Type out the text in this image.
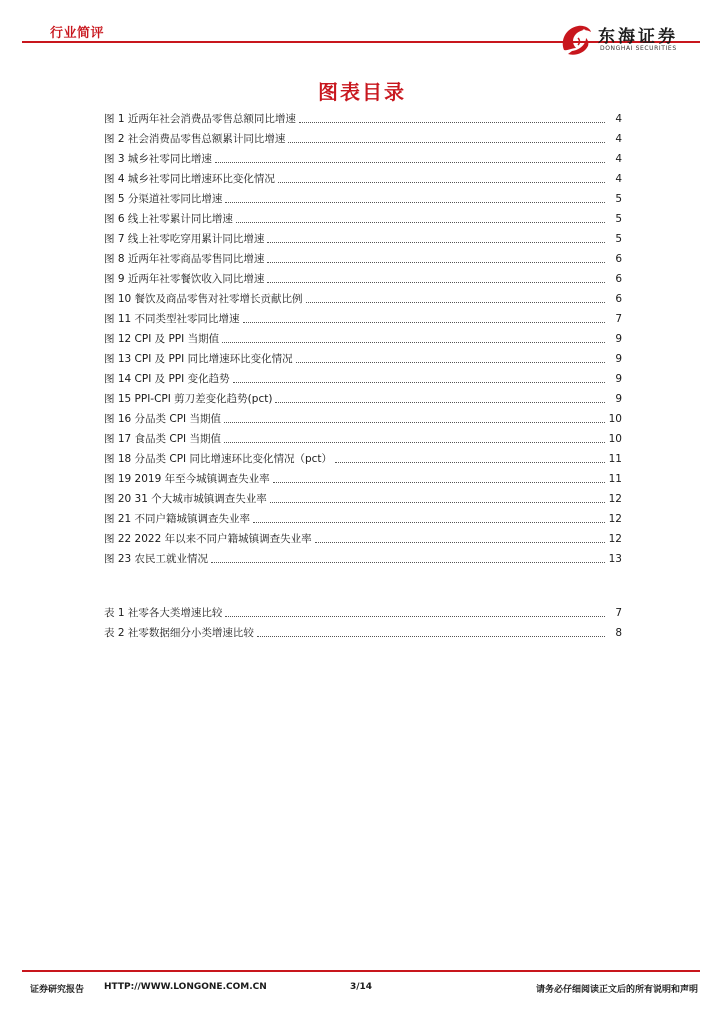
行业简评	东海证券
DONGHAI SECURITIES
图表目录
图 1 近两年社会消费品零售总额同比增速	4
图 2 社会消费品零售总额累计同比增速	4
图 3 城乡社零同比增速	4
图 4 城乡社零同比增速环比变化情况	4
图 5 分渠道社零同比增速	5
图 6 线上社零累计同比增速	5
图 7 线上社零吃穿用累计同比增速	5
图 8 近两年社零商品零售同比增速	6
图 9 近两年社零餐饮收入同比增速	6
图 10 餐饮及商品零售对社零增长贡献比例	6
图 11 不同类型社零同比增速	7
图 12 CPI 及 PPI 当期值	9
图 13 CPI 及 PPI 同比增速环比变化情况	9
图 14 CPI 及 PPI 变化趋势	9
图 15 PPI-CPI 剪刀差变化趋势(pct)	9
图 16 分品类 CPI 当期值	10
图 17 食品类 CPI 当期值	10
图 18 分品类 CPI 同比增速环比变化情况（pct）	11
图 19 2019 年至今城镇调查失业率	11
图 20 31 个大城市城镇调查失业率	12
图 21 不同户籍城镇调查失业率	12
图 22 2022 年以来不同户籍城镇调查失业率	12
图 23 农民工就业情况	13
表 1 社零各大类增速比较	7
表 2 社零数据细分小类增速比较	8
证券研究报告 HTTP://WWW.LONGONE.COM.CN	3/14	请务必仔细阅读正文后的所有说明和声明
